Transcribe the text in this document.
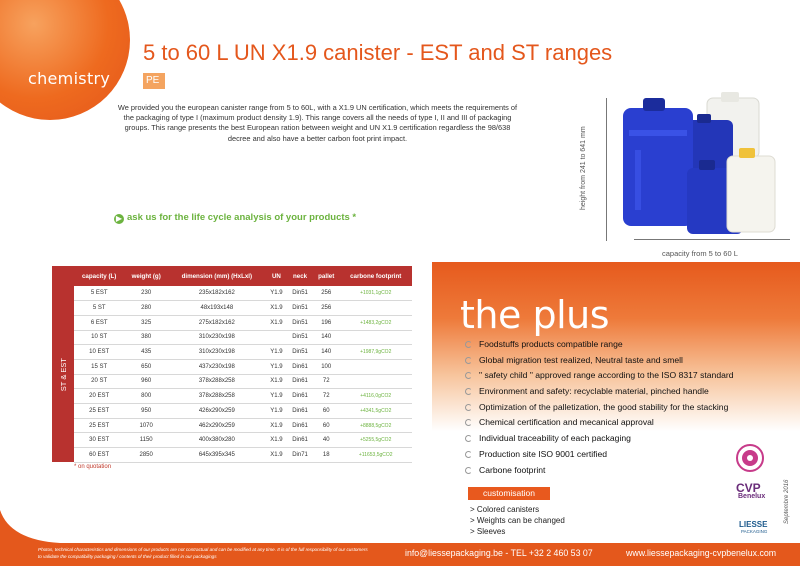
chemistry
5 to 60 L UN X1.9 canister - EST and ST ranges
PE

We provided you the european canister range from 5 to 60L, with a X1.9 UN certification, which meets the requirements of the packaging of type I (maximum product density 1.9). This range covers all the needs of type I, II and III of packaging groups. This range presents the best European ration between weight and UN X1.9 certification regardless the 98/638 decree and also have a better carbon foot print impact.

▶ ask us for the life cycle analysis of your products *
height from 241 to 641 mm
capacity from 5 to 60 L
	capacity (L)	weight (g)	dimension (mm) (HxLxl)	UN	neck	pallet	carbone footprint

ST & EST	5 EST	230	235x182x162	Y1.9	Din51	256	+1031,1gCO2
	5 ST	280	48x193x148	X1.9	Din51	256	
	6 EST	325	275x182x162	X1.9	Din51	196	+1483,2gCO2
	10 ST	380	310x230x198		Din51	140	
	10 EST	435	310x230x198	Y1.9	Din51	140	+1987,9gCO2
	15 ST	650	437x230x198	Y1.9	Din61	100	
	20 ST	960	378x288x258	X1.9	Din61	72	
	20 EST	800	378x288x258	Y1.9	Din61	72	+4116,0gCO2
	25 EST	950	426x290x259	Y1.9	Din61	60	+4341,5gCO2
	25 EST	1070	462x290x259	X1.9	Din61	60	+8888,5gCO2
	30 EST	1150	400x380x280	X1.9	Din61	40	+5255,5gCO2
	60 EST	2850	645x395x345	X1.9	Din71	18	+11653,5gCO2
* on quotation
the plus
Foodstuffs products compatible range
Global migration test realized, Neutral taste and smell
" safety child " approved range according to the ISO 8317 standard
Environment and safety: recyclable material, pinched handle
Optimization of the palletization, the good stability for the stacking
Chemical certification and mecanical approval
Individual traceability of each packaging
Production site ISO 9001 certified
Carbone footprint
customisation
> Colored canisters
> Weights can be changed
> Sleeves
CVP
Benelux
LIESSE
PACKAGING
Septembre 2016
Photos, technical characteristics and dimensions of our products are not contractual and can be modified at any time. It is of the full responsibility of our customers to validate the compatibility packaging / contents of their product filled in our packagings	info@liessepackaging.be - TEL +32 2 460 53 07	www.liessepackaging-cvpbenelux.com
